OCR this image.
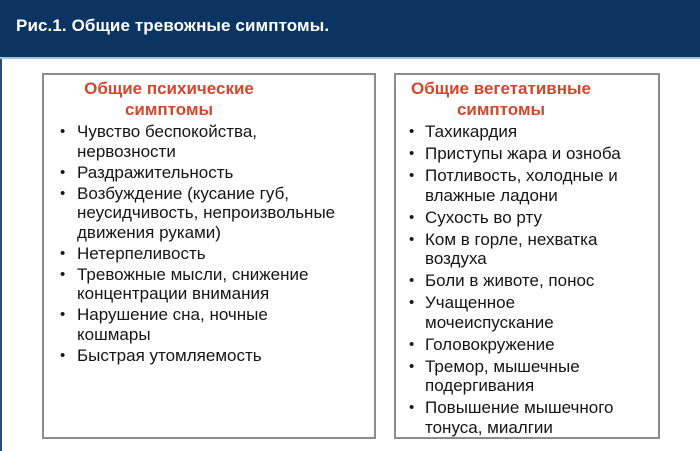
Рис.1. Общие тревожные симптомы.
Общие психические
симптомы
• Чувство беспокойства,
нервозности
• Раздражительность
• Возбуждение (кусание губ,
неусидчивость, непроизвольные
движения руками)
• Нетерпеливость
• Тревожные мысли, снижение
концентрации внимания
• Нарушение сна, ночные
кошмары
• Быстрая утомляемость
Общие вегетативные
симптомы
• Тахикардия
• Приступы жара и озноба
• Потливость, холодные и
влажные ладони
• Сухость во рту
• Ком в горле, нехватка
воздуха
• Боли в животе, понос
• Учащенное
мочеиспускание
• Головокружение
• Тремор, мышечные
подергивания
• Повышение мышечного
тонуса, миалгии
